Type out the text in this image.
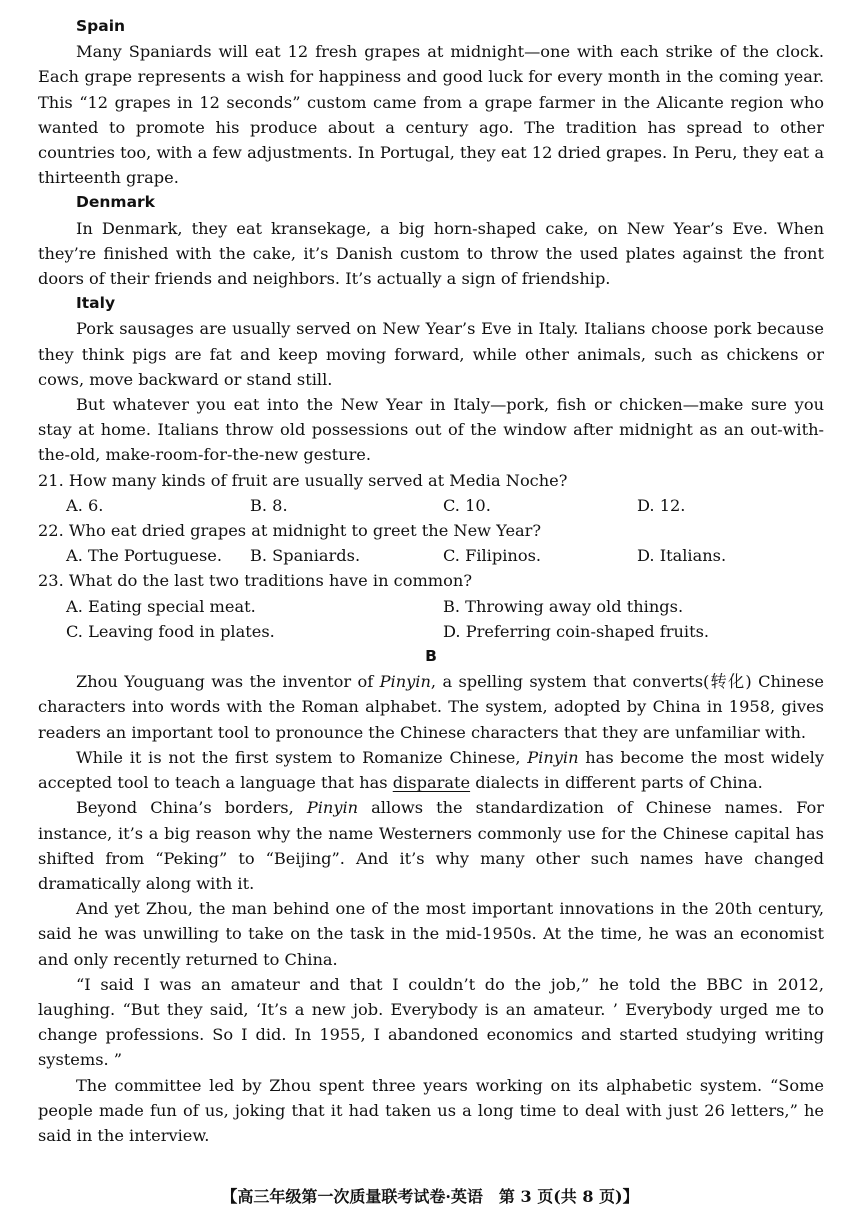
Spain

Many Spaniards will eat 12 fresh grapes at midnight—one with each strike of the clock. Each grape represents a wish for happiness and good luck for every month in the coming year. This “12 grapes in 12 seconds” custom came from a grape farmer in the Alicante region who wanted to promote his produce about a century ago. The tradition has spread to other countries too, with a few adjustments. In Portugal, they eat 12 dried grapes. In Peru, they eat a thirteenth grape.

Denmark

In Denmark, they eat kransekage, a big horn-shaped cake, on New Year’s Eve. When they’re finished with the cake, it’s Danish custom to throw the used plates against the front doors of their friends and neighbors. It’s actually a sign of friendship.

Italy

Pork sausages are usually served on New Year’s Eve in Italy. Italians choose pork because they think pigs are fat and keep moving forward, while other animals, such as chickens or cows, move backward or stand still.

But whatever you eat into the New Year in Italy—pork, fish or chicken—make sure you stay at home. Italians throw old possessions out of the window after midnight as an out-with-the-old, make-room-for-the-new gesture.

21. How many kinds of fruit are usually served at Media Noche?

A. 6.	B. 8.	C. 10.	D. 12.

22. Who eat dried grapes at midnight to greet the New Year?

A. The Portuguese.	B. Spaniards.	C. Filipinos.	D. Italians.

23. What do the last two traditions have in common?

A. Eating special meat.	B. Throwing away old things.
C. Leaving food in plates.	D. Preferring coin-shaped fruits.

B

Zhou Youguang was the inventor of Pinyin, a spelling system that converts(转化) Chinese characters into words with the Roman alphabet. The system, adopted by China in 1958, gives readers an important tool to pronounce the Chinese characters that they are unfamiliar with.

While it is not the first system to Romanize Chinese, Pinyin has become the most widely accepted tool to teach a language that has disparate dialects in different parts of China.

Beyond China’s borders, Pinyin allows the standardization of Chinese names. For instance, it’s a big reason why the name Westerners commonly use for the Chinese capital has shifted from “Peking” to “Beijing”. And it’s why many other such names have changed dramatically along with it.

And yet Zhou, the man behind one of the most important innovations in the 20th century, said he was unwilling to take on the task in the mid-1950s. At the time, he was an economist and only recently returned to China.

“I said I was an amateur and that I couldn’t do the job,” he told the BBC in 2012, laughing. “But they said, ‘It’s a new job. Everybody is an amateur. ’ Everybody urged me to change professions. So I did. In 1955, I abandoned economics and started studying writing systems. ”

The committee led by Zhou spent three years working on its alphabetic system. “Some people made fun of us, joking that it had taken us a long time to deal with just 26 letters,” he said in the interview.

【高三年级第一次质量联考试卷·英语　第 3 页(共 8 页)】
